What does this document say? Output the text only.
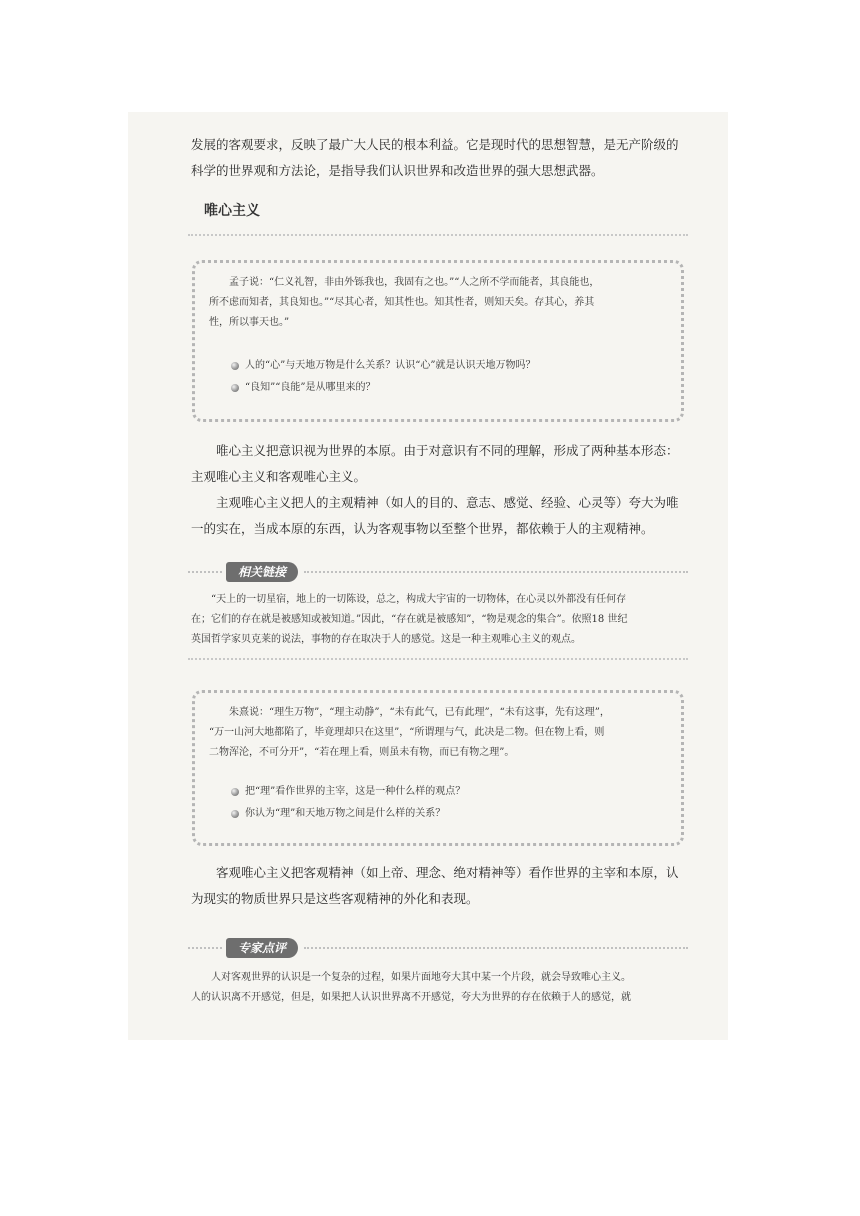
发展的客观要求，反映了最广大人民的根本利益。它是现时代的思想智慧，是无产阶级的

科学的世界观和方法论，是指导我们认识世界和改造世界的强大思想武器。

唯心主义

孟子说：“仁义礼智，非由外铄我也，我固有之也。”“人之所不学而能者，其良能也，

所不虑而知者，其良知也。”“尽其心者，知其性也。知其性者，则知天矣。存其心，养其

性，所以事天也。”

人的“心”与天地万物是什么关系？认识“心”就是认识天地万物吗？
“良知”“良能”是从哪里来的？

唯心主义把意识视为世界的本原。由于对意识有不同的理解，形成了两种基本形态：

主观唯心主义和客观唯心主义。

主观唯心主义把人的主观精神（如人的目的、意志、感觉、经验、心灵等）夸大为唯

一的实在，当成本原的东西，认为客观事物以至整个世界，都依赖于人的主观精神。

相关链接

“天上的一切星宿，地上的一切陈设，总之，构成大宇宙的一切物体，在心灵以外都没有任何存

在；它们的存在就是被感知或被知道。”因此，“存在就是被感知”，“物是观念的集合”。依照18 世纪

英国哲学家贝克莱的说法，事物的存在取决于人的感觉。这是一种主观唯心主义的观点。

朱熹说：“理生万物”，“理主动静”，“未有此气，已有此理”，“未有这事，先有这理”，

“万一山河大地都陷了，毕竟理却只在这里”，“所谓理与气，此决是二物。但在物上看，则

二物浑沦，不可分开”，“若在理上看，则虽未有物，而已有物之理”。

把“理”看作世界的主宰，这是一种什么样的观点？
你认为“理”和天地万物之间是什么样的关系？

客观唯心主义把客观精神（如上帝、理念、绝对精神等）看作世界的主宰和本原，认

为现实的物质世界只是这些客观精神的外化和表现。

专家点评

人对客观世界的认识是一个复杂的过程，如果片面地夸大其中某一个片段，就会导致唯心主义。

人的认识离不开感觉，但是，如果把人认识世界离不开感觉，夸大为世界的存在依赖于人的感觉，就
